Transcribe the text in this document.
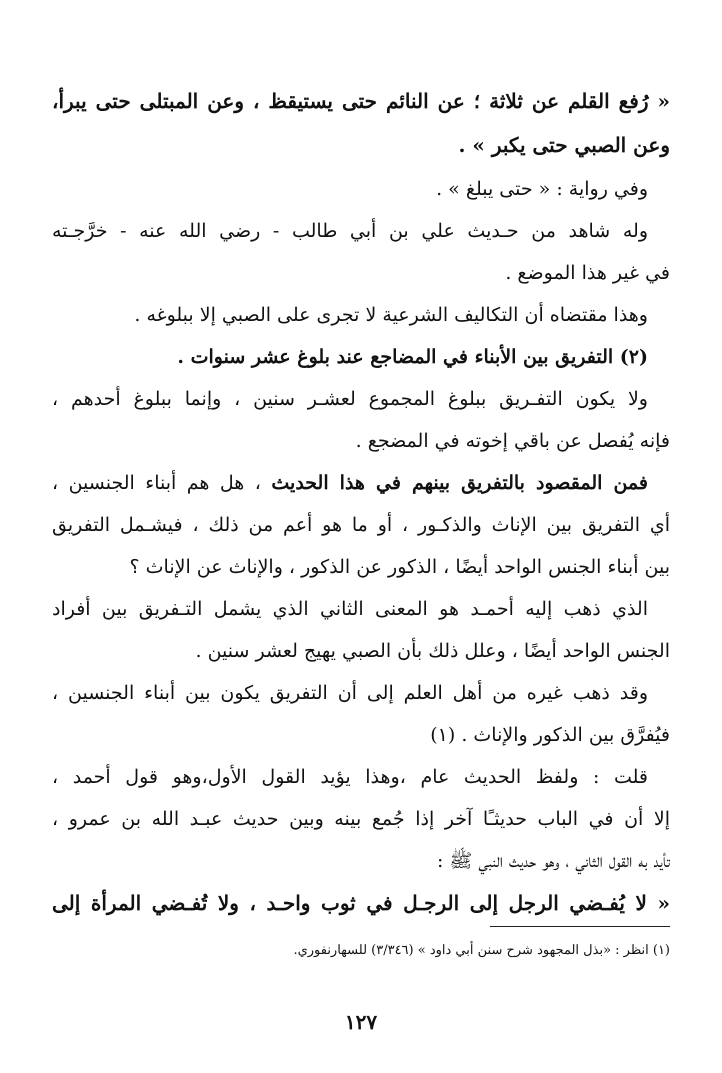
« رُفع القلم عن ثلاثة ؛ عن النائم حتى يستيقظ ، وعن المبتلى حتى يبرأ،
وعن الصبي حتى يكبر » .
وفي رواية : « حتى يبلغ » .
وله شاهد من حـديث علي بن أبي طالب - رضي الله عنه - خرَّجـته
في غير هذا الموضع .
وهذا مقتضاه أن التكاليف الشرعية لا تجرى على الصبي إلا ببلوغه .
(٢) التفريق بين الأبناء في المضاجع عند بلوغ عشر سنوات .
ولا يكون التفـريق ببلوغ المجموع لعشـر سنين ، وإنما ببلوغ أحدهم ،
فإنه يُفصل عن باقي إخوته في المضجع .
فمن المقصود بالتفريق بينهم في هذا الحديث ، هل هم أبناء الجنسين ،
أي التفريق بين الإناث والذكـور ، أو ما هو أعم من ذلك ، فيشـمل التفريق
بين أبناء الجنس الواحد أيضًا ، الذكور عن الذكور ، والإناث عن الإناث ؟
الذي ذهب إليه أحمـد هو المعنى الثاني الذي يشمل التـفريق بين أفراد
الجنس الواحد أيضًا ، وعلل ذلك بأن الصبي يهيج لعشر سنين .
وقد ذهب غيره من أهل العلم إلى أن التفريق يكون بين أبناء الجنسين ،
فيُفرَّق بين الذكور والإناث . (١)
قلت : ولفظ الحديث عام ،وهذا يؤيد القول الأول،وهو قول أحمد ،
إلا أن في الباب حديثـًا آخر إذا جُمع بينه وبين حديث عبـد الله بن عمرو ،
تأيد به القول الثاني ، وهو حديث النبي ﷺ :
« لا يُفـضي الرجل إلى الرجـل في ثوب واحـد ، ولا تُفـضي المرأة إلى
(١) انظر : «بذل المجهود شرح سنن أبي داود » (٣/٣٤٦) للسهارنفوري.
١٢٧
